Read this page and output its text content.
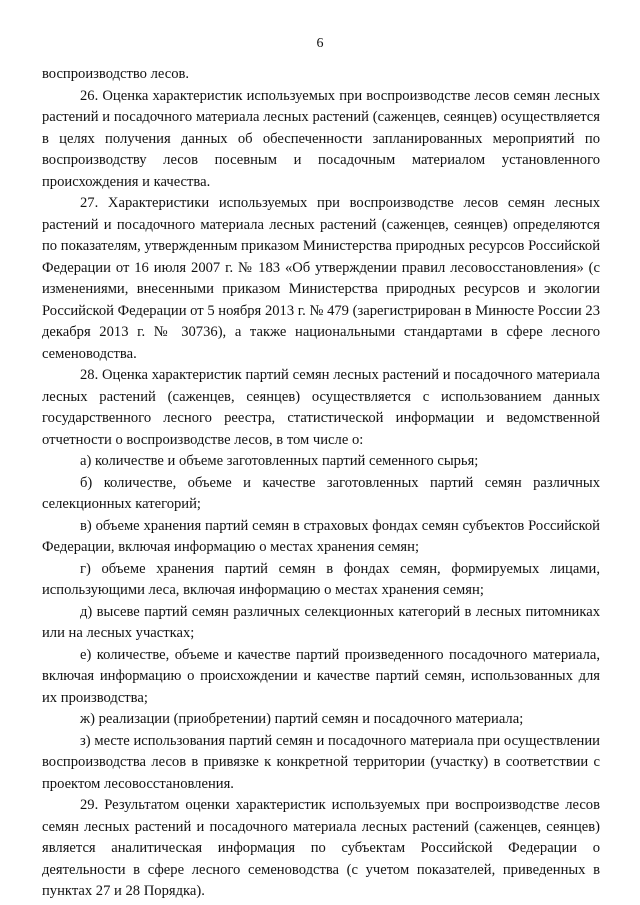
6

воспроизводство лесов.

26. Оценка характеристик используемых при воспроизводстве лесов семян лесных растений и посадочного материала лесных растений (саженцев, сеянцев) осуществляется в целях получения данных об обеспеченности запланированных мероприятий по воспроизводству лесов посевным и посадочным материалом установленного происхождения и качества.

27. Характеристики используемых при воспроизводстве лесов семян лесных растений и посадочного материала лесных растений (саженцев, сеянцев) определяются по показателям, утвержденным приказом Министерства природных ресурсов Российской Федерации от 16 июля 2007 г. № 183 «Об утверждении правил лесовосстановления» (с изменениями, внесенными приказом Министерства природных ресурсов и экологии Российской Федерации от 5 ноября 2013 г. № 479 (зарегистрирован в Минюсте России 23 декабря 2013 г. № 30736), а также национальными стандартами в сфере лесного семеноводства.

28. Оценка характеристик партий семян лесных растений и посадочного материала лесных растений (саженцев, сеянцев) осуществляется с использованием данных государственного лесного реестра, статистической информации и ведомственной отчетности о воспроизводстве лесов, в том числе о:

а) количестве и объеме заготовленных партий семенного сырья;

б) количестве, объеме и качестве заготовленных партий семян различных селекционных категорий;

в) объеме хранения партий семян в страховых фондах семян субъектов Российской Федерации, включая информацию о местах хранения семян;

г) объеме хранения партий семян в фондах семян, формируемых лицами, использующими леса, включая информацию о местах хранения семян;

д) высеве партий семян различных селекционных категорий в лесных питомниках или на лесных участках;

е) количестве, объеме и качестве партий произведенного посадочного материала, включая информацию о происхождении и качестве партий семян, использованных для их производства;

ж) реализации (приобретении) партий семян и посадочного материала;

з) месте использования партий семян и посадочного материала при осуществлении воспроизводства лесов в привязке к конкретной территории (участку) в соответствии с проектом лесовосстановления.

29. Результатом оценки характеристик используемых при воспроизводстве лесов семян лесных растений и посадочного материала лесных растений (саженцев, сеянцев) является аналитическая информация по субъектам Российской Федерации о деятельности в сфере лесного семеноводства (с учетом показателей, приведенных в пунктах 27 и 28 Порядка).
